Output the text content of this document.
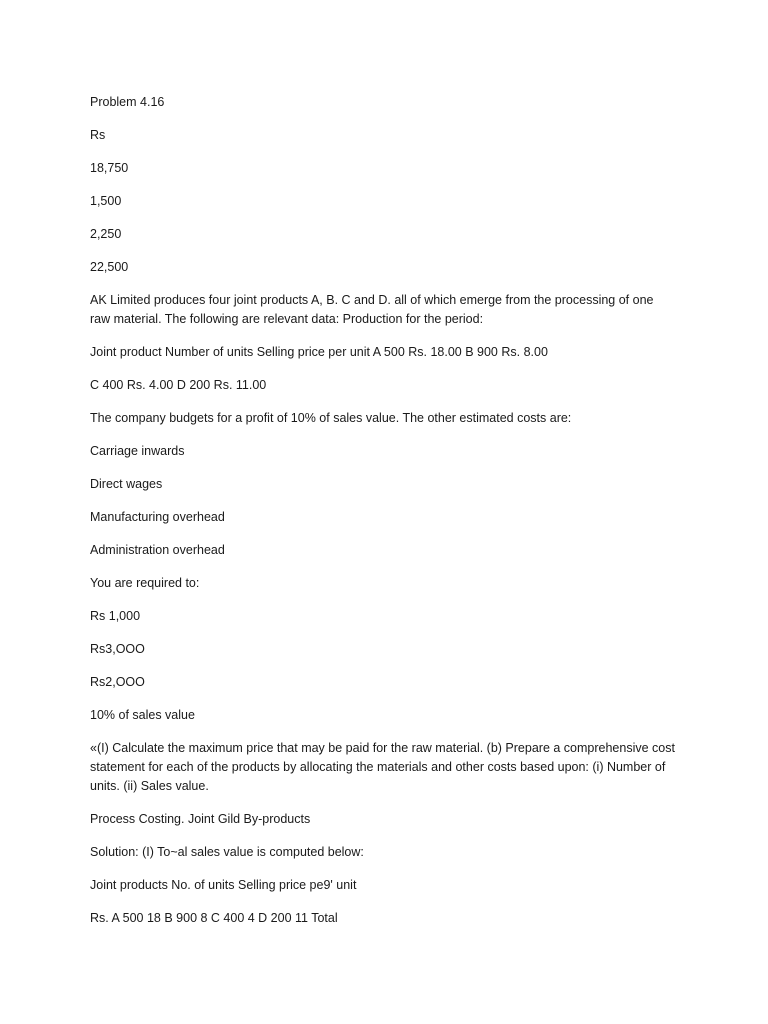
Problem 4.16

Rs

18,750

1,500

2,250

22,500

AK Limited produces four joint products A, B. C and D. all of which emerge from the processing of one raw material. The following are relevant data: Production for the period:

Joint product Number of units Selling price per unit A 500 Rs. 18.00 B 900 Rs. 8.00

C 400 Rs. 4.00 D 200 Rs. 11.00

The company budgets for a profit of 10% of sales value. The other estimated costs are:

Carriage inwards

Direct wages

Manufacturing overhead

Administration overhead

You are required to:

Rs 1,000

Rs3,OOO

Rs2,OOO

10% of sales value

«(I) Calculate the maximum price that may be paid for the raw material. (b) Prepare a comprehensive cost statement for each of the products by allocating the materials and other costs based upon: (i) Number of units. (ii) Sales value.

Process Costing. Joint Gild By-products

Solution: (I) To~al sales value is computed below:

Joint products No. of units Selling price pe9' unit

Rs. A 500 18 B 900 8 C 400 4 D 200 11 Total
